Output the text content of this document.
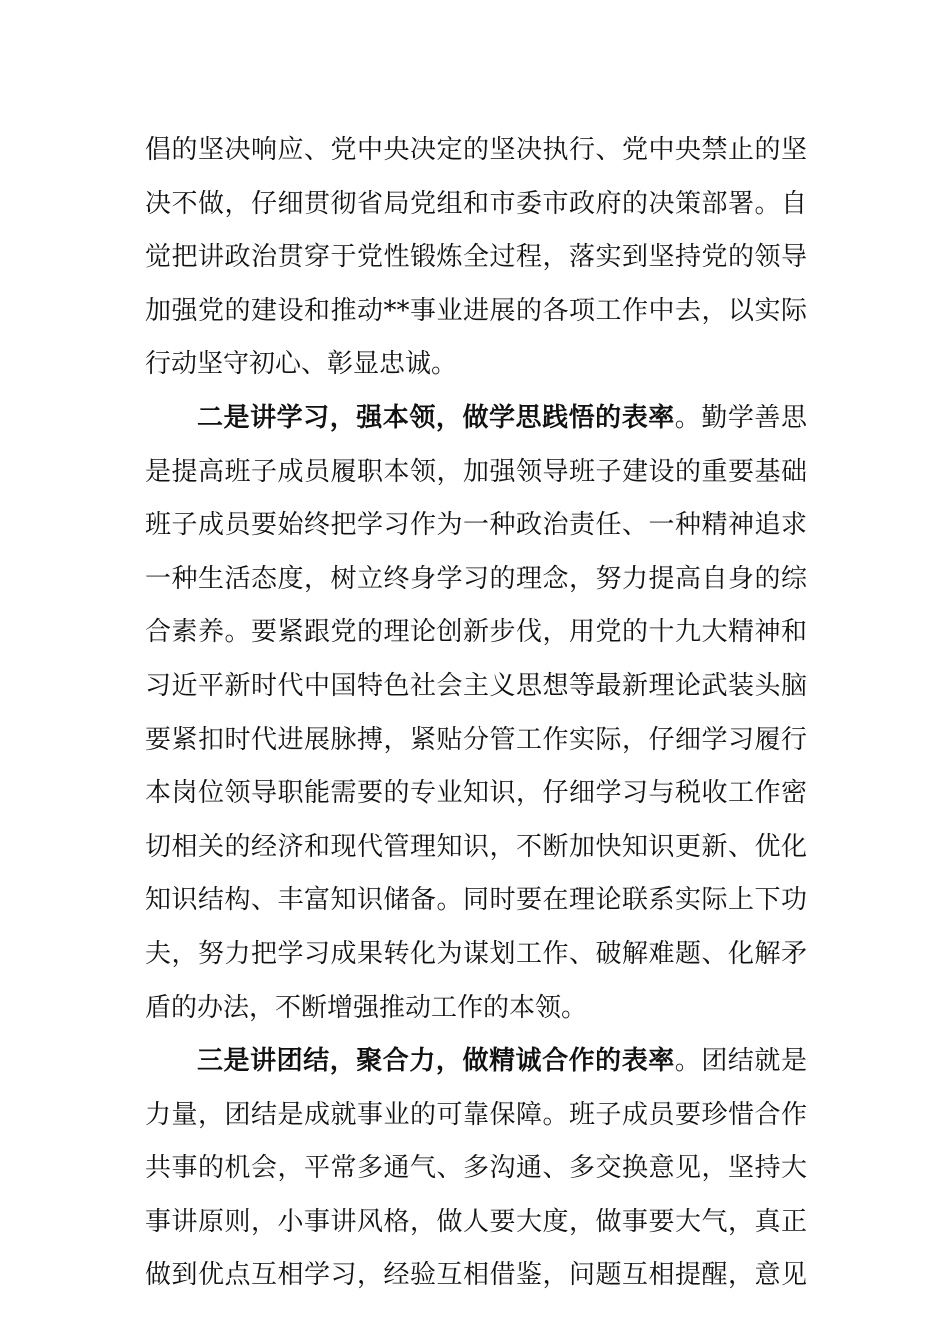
倡的坚决响应、党中央决定的坚决执行、党中央禁止的坚
决不做，仔细贯彻省局党组和市委市政府的决策部署。自
觉把讲政治贯穿于党性锻炼全过程，落实到坚持党的领导
加强党的建设和推动**事业进展的各项工作中去，以实际
行动坚守初心、彰显忠诚。
二是讲学习，强本领，做学思践悟的表率。勤学善思
是提高班子成员履职本领，加强领导班子建设的重要基础
班子成员要始终把学习作为一种政治责任、一种精神追求
一种生活态度，树立终身学习的理念，努力提高自身的综
合素养。要紧跟党的理论创新步伐，用党的十九大精神和
习近平新时代中国特色社会主义思想等最新理论武装头脑
要紧扣时代进展脉搏，紧贴分管工作实际，仔细学习履行
本岗位领导职能需要的专业知识，仔细学习与税收工作密
切相关的经济和现代管理知识，不断加快知识更新、优化
知识结构、丰富知识储备。同时要在理论联系实际上下功
夫，努力把学习成果转化为谋划工作、破解难题、化解矛
盾的办法，不断增强推动工作的本领。
三是讲团结，聚合力，做精诚合作的表率。团结就是
力量，团结是成就事业的可靠保障。班子成员要珍惜合作
共事的机会，平常多通气、多沟通、多交换意见，坚持大
事讲原则，小事讲风格，做人要大度，做事要大气，真正
做到优点互相学习，经验互相借鉴，问题互相提醒，意见
